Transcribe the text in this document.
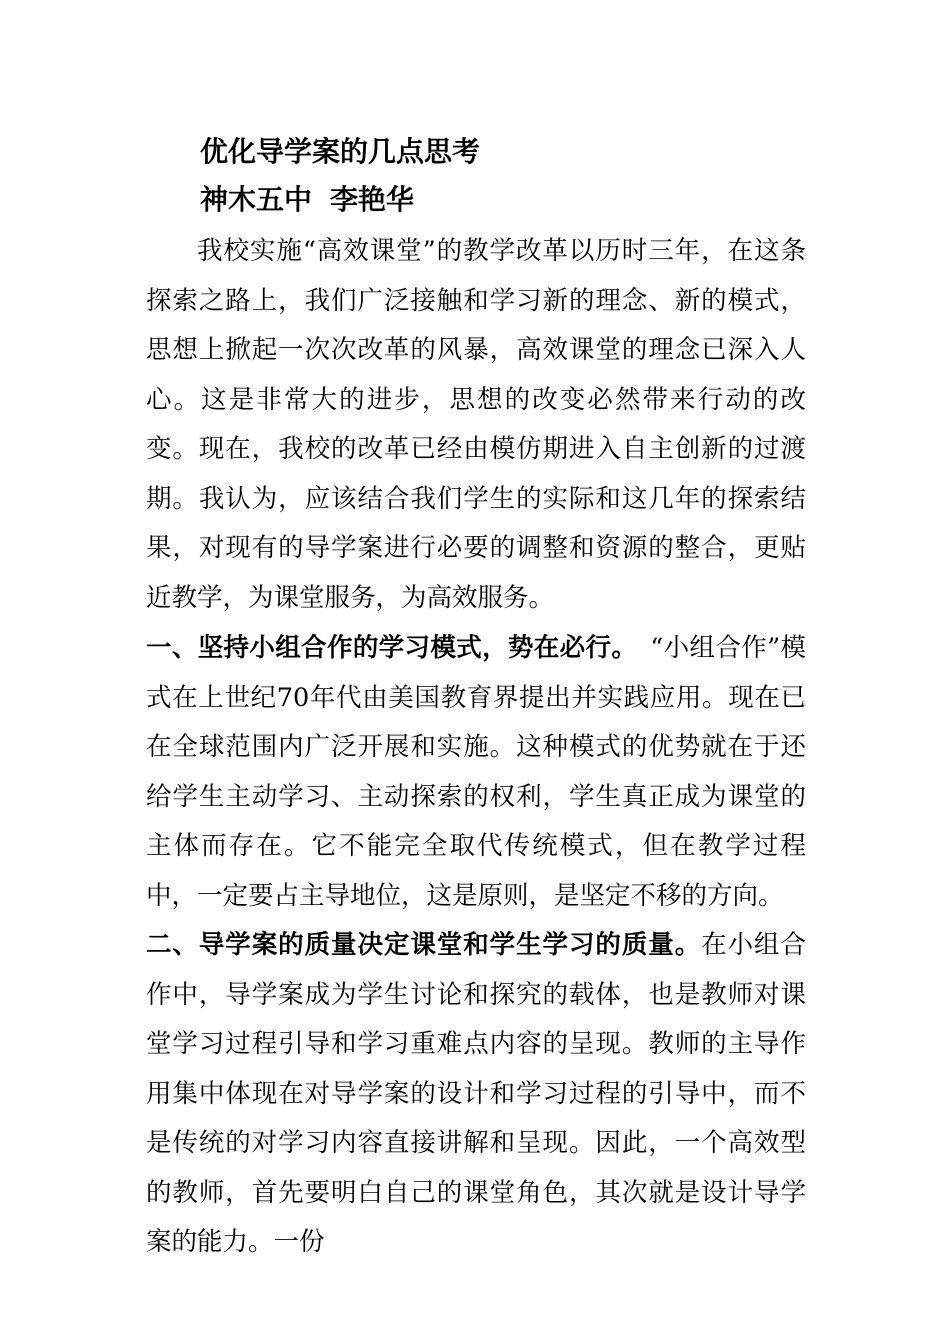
优化导学案的几点思考
神木五中 李艳华
我校实施“高效课堂”的教学改革以历时三年，在这条探索之路上，我们广泛接触和学习新的理念、新的模式，思想上掀起一次次改革的风暴，高效课堂的理念已深入人心。这是非常大的进步，思想的改变必然带来行动的改变。现在，我校的改革已经由模仿期进入自主创新的过渡期。我认为，应该结合我们学生的实际和这几年的探索结果，对现有的导学案进行必要的调整和资源的整合，更贴近教学，为课堂服务，为高效服务。
一、坚持小组合作的学习模式，势在必行。　 “小组合作”模式在上世纪70年代由美国教育界提出并实践应用。现在已在全球范围内广泛开展和实施。这种模式的优势就在于还给学生主动学习、主动探索的权利，学生真正成为课堂的主体而存在。它不能完全取代传统模式，但在教学过程中，一定要占主导地位，这是原则，是坚定不移的方向。
二、导学案的质量决定课堂和学生学习的质量。在小组合作中，导学案成为学生讨论和探究的载体，也是教师对课堂学习过程引导和学习重难点内容的呈现。教师的主导作用集中体现在对导学案的设计和学习过程的引导中，而不是传统的对学习内容直接讲解和呈现。因此，一个高效型的教师，首先要明白自己的课堂角色，其次就是设计导学案的能力。一份
